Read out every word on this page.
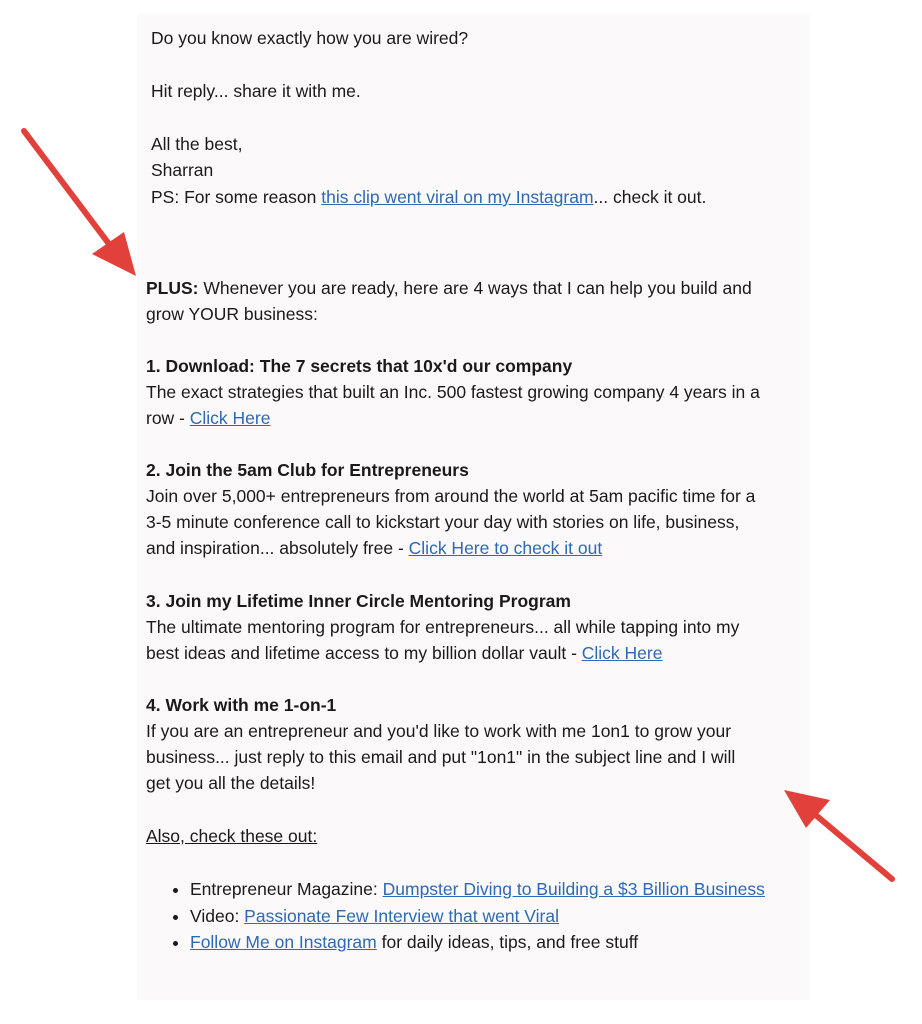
Do you know exactly how you are wired?
Hit reply... share it with me.
All the best,
Sharran
PS: For some reason this clip went viral on my Instagram... check it out.
PLUS: Whenever you are ready, here are 4 ways that I can help you build and
grow YOUR business:
1. Download: The 7 secrets that 10x'd our company
The exact strategies that built an Inc. 500 fastest growing company 4 years in a
row - Click Here
2. Join the 5am Club for Entrepreneurs
Join over 5,000+ entrepreneurs from around the world at 5am pacific time for a
3-5 minute conference call to kickstart your day with stories on life, business,
and inspiration... absolutely free - Click Here to check it out
3. Join my Lifetime Inner Circle Mentoring Program
The ultimate mentoring program for entrepreneurs... all while tapping into my
best ideas and lifetime access to my billion dollar vault - Click Here
4. Work with me 1-on-1
If you are an entrepreneur and you'd like to work with me 1on1 to grow your
business... just reply to this email and put "1on1" in the subject line and I will
get you all the details!
Also, check these out:
• Entrepreneur Magazine: Dumpster Diving to Building a $3 Billion Business
• Video: Passionate Few Interview that went Viral
• Follow Me on Instagram for daily ideas, tips, and free stuff
